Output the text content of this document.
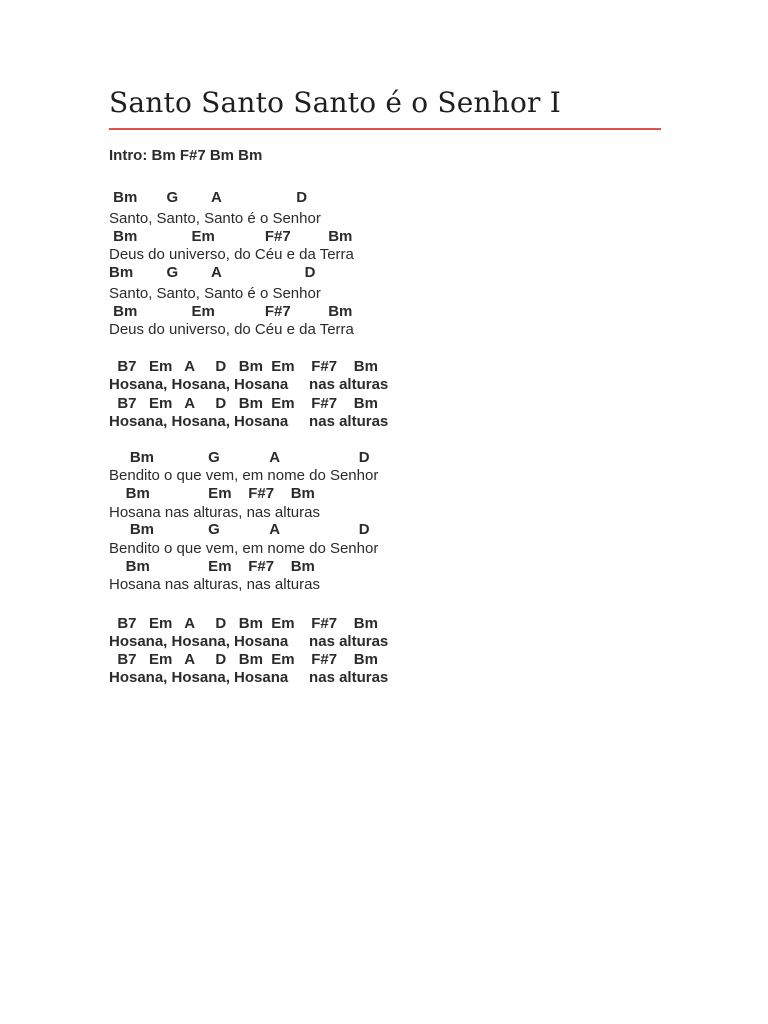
Santo Santo Santo é o Senhor I
Intro: Bm F#7 Bm Bm
Bm       G        A                  D
Santo, Santo, Santo é o Senhor
Bm             Em            F#7         Bm
Deus do universo, do Céu e da Terra
Bm        G        A                    D
Santo, Santo, Santo é o Senhor
Bm             Em            F#7         Bm
Deus do universo, do Céu e da Terra
B7   Em   A     D   Bm  Em    F#7    Bm
Hosana, Hosana, Hosana     nas alturas
B7   Em   A     D   Bm  Em    F#7    Bm
Hosana, Hosana, Hosana     nas alturas
Bm             G            A                   D
Bendito o que vem, em nome do Senhor
Bm              Em    F#7    Bm
Hosana nas alturas, nas alturas
Bm             G            A                   D
Bendito o que vem, em nome do Senhor
Bm              Em    F#7    Bm
Hosana nas alturas, nas alturas
B7   Em   A     D   Bm  Em    F#7    Bm
Hosana, Hosana, Hosana     nas alturas
B7   Em   A     D   Bm  Em    F#7    Bm
Hosana, Hosana, Hosana     nas alturas
